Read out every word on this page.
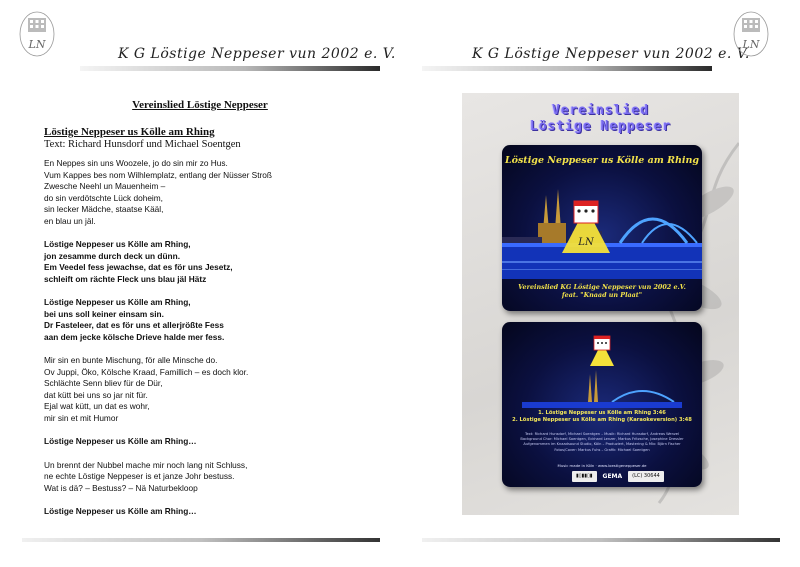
LN
K G Löstige Neppeser vun 2002 e. V.
Vereinslied Löstige Neppeser
Löstige Neppeser us Kölle am Rhing
Text: Richard Hunsdorf und Michael Soentgen
En Neppes sin uns Woozele, jo do sin mir zo Hus.
Vum Kappes bes nom Wilhlemplatz, entlang der Nüsser Stroß
Zwesche Neehl un Mauenheim –
do sin verdötschte Lück doheim,
sin lecker Mädche, staatse Kääl,
en blau un jäl.
Löstige Neppeser us Kölle am Rhing,
jon zesamme durch deck un dünn.
Em Veedel fess jewachse, dat es för uns Jesetz,
schleift om rächte Fleck uns blau jäl Hätz
Löstige Neppeser us Kölle am Rhing,
bei uns soll keiner einsam sin.
Dr Fasteleer, dat es för uns et allerjrößte Fess
aan dem jecke kölsche Drieve halde mer fess.
Mir sin en bunte Mischung, för alle Minsche do.
Ov Juppi, Öko, Kölsche Kraad, Famillich – es doch klor.
Schlächte Senn bliev für de Dür,
dat kütt bei uns so jar nit für.
Ejal wat kütt, un dat es wohr,
mir sin et mit Humor
Löstige Neppeser us Kölle am Rhing…
Un brennt der Nubbel mache mir noch lang nit Schluss,
ne echte Löstige Neppeser is et janze Johr bestuss.
Wat is dä? – Bestuss? – Nä Naturbekloop
Löstige Neppeser us Kölle am Rhing…
K G Löstige Neppeser vun 2002 e. V.
LN
Vereinslied
Löstige Neppeser
Löstige Neppeser us Kölle am Rhing
LN
Vereinslied KG Löstige Neppeser vun 2002 e.V.
feat. "Knaad un Plaat"
1. Löstige Neppeser us Kölle am Rhing 3:46
2. Löstige Neppeser us Kölle am Rhing (Karaokeversion) 3:48
Text: Richard Hunsdorf, Michael Soentgen – Musik: Richard Hunsdorf, Andreas Wenzel
Background Chor: Michael Soentgen, Eckhard Lenzer, Markus Fritzsche, Josephine Dressler
Aufgenommen im Knaadsound Studio, Köln – Produziert, Mastering & Mix: Björn Fischer
Fotos/Cover: Markus Fuhs – Grafik: Michael Soentgen
Music made in Köln · www.loestigeneppeser.de
▮▯▮▮▯▮	GEMA	(LC) 30644
